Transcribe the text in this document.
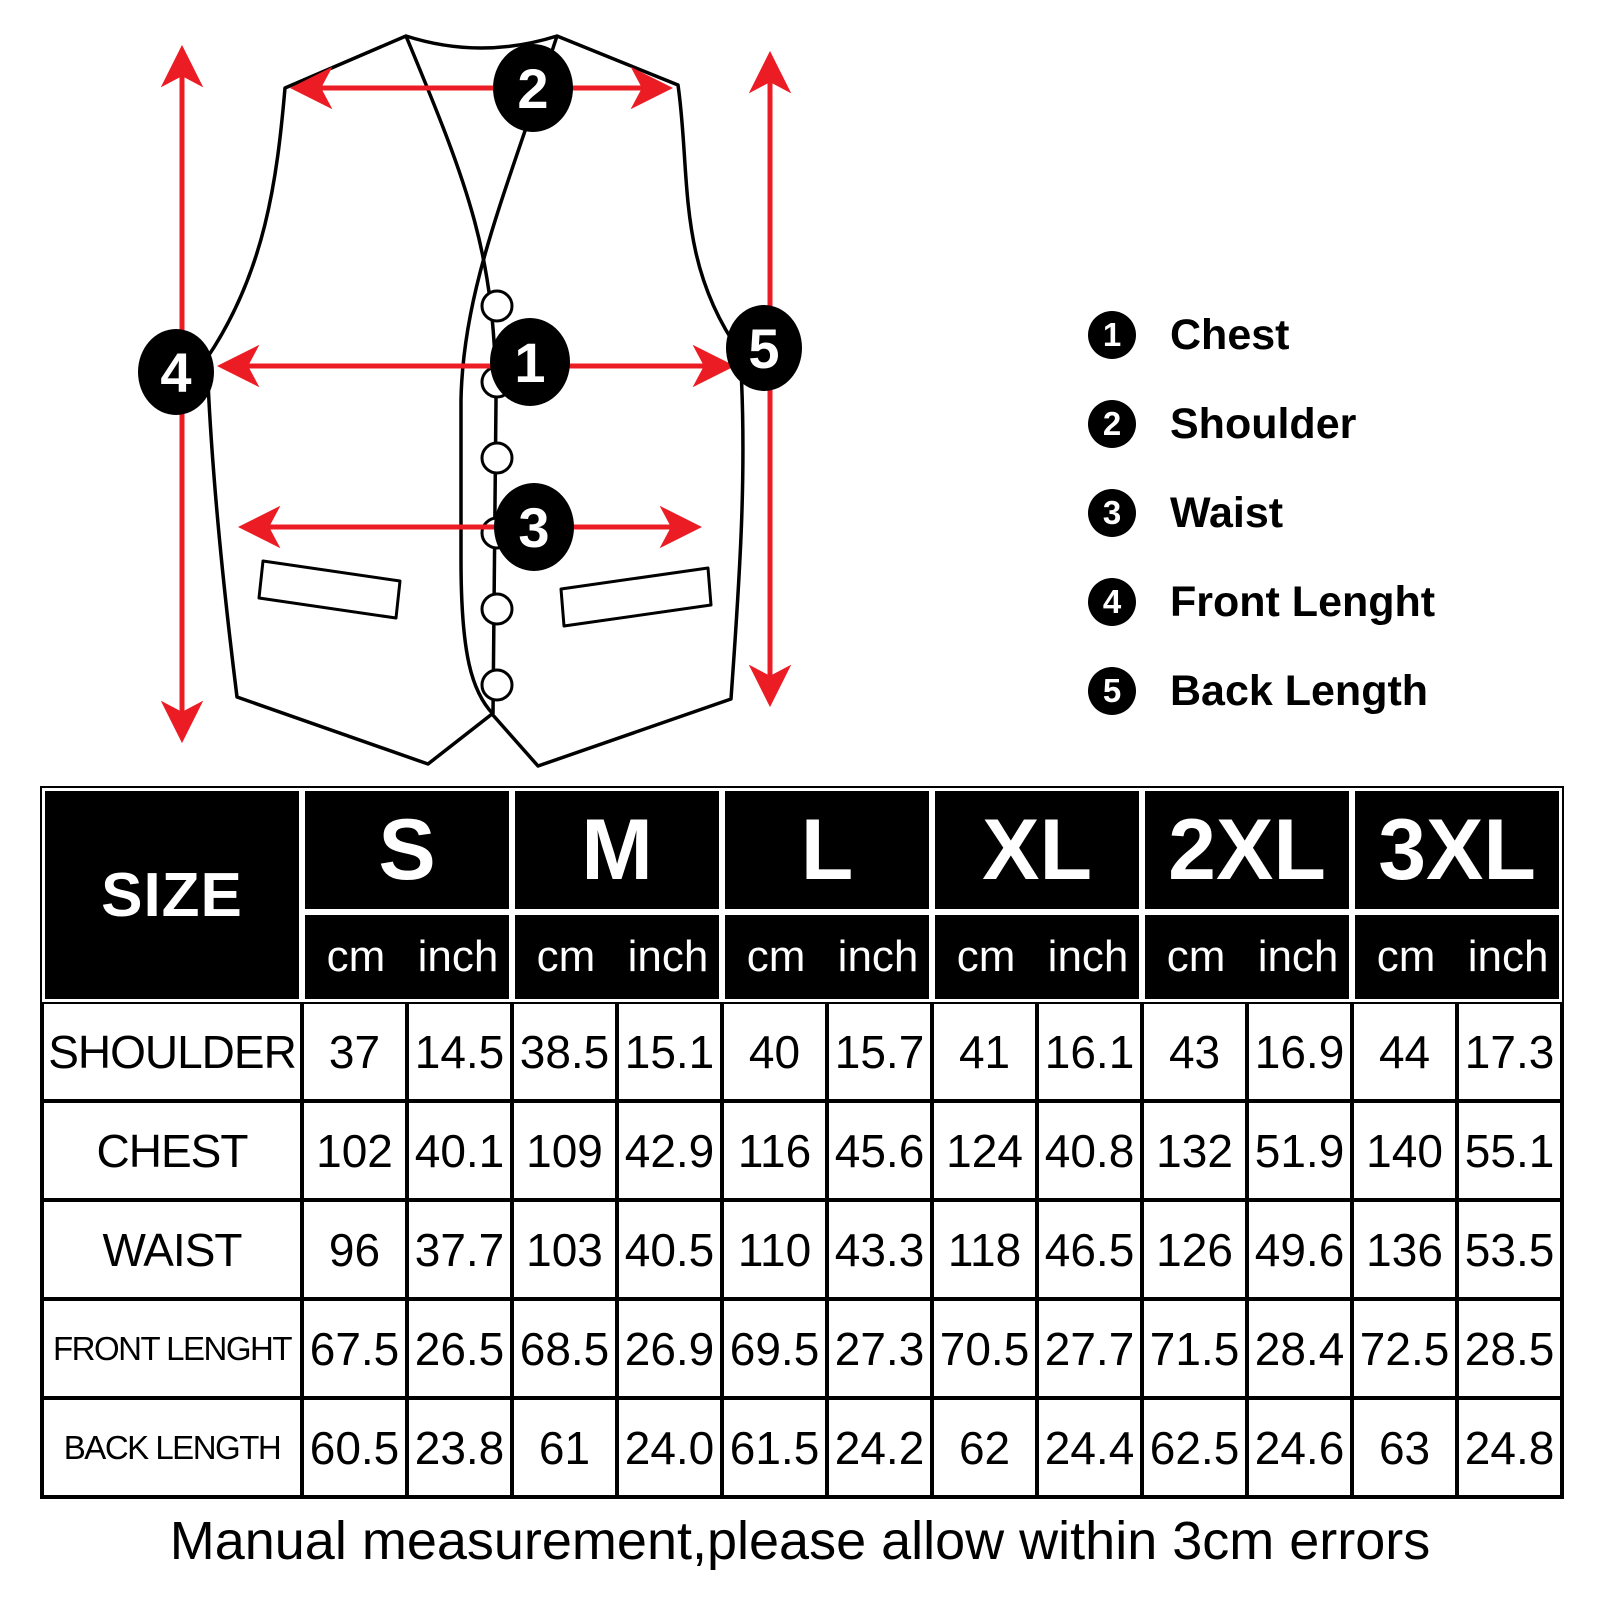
1
2
3
4	5	1	Chest
2	Shoulder
3	Waist
4	Front Lenght
5	Back Length
SIZE	S		M		L		XL		2XL		3XL	

	cm inch		cm inch		cm inch		cm inch		cm inch		cm inch	

SHOULDER	37	14.5	38.5	15.1	40	15.7	41	16.1	43	16.9	44	17.3
CHEST	102	40.1	109	42.9	116	45.6	124	40.8	132	51.9	140	55.1
WAIST	96	37.7	103	40.5	110	43.3	118	46.5	126	49.6	136	53.5
FRONT LENGHT	67.5	26.5	68.5	26.9	69.5	27.3	70.5	27.7	71.5	28.4	72.5	28.5
BACK LENGTH	60.5	23.8	61	24.0	61.5	24.2	62	24.4	62.5	24.6	63	24.8
Manual measurement,please allow within 3cm errors
